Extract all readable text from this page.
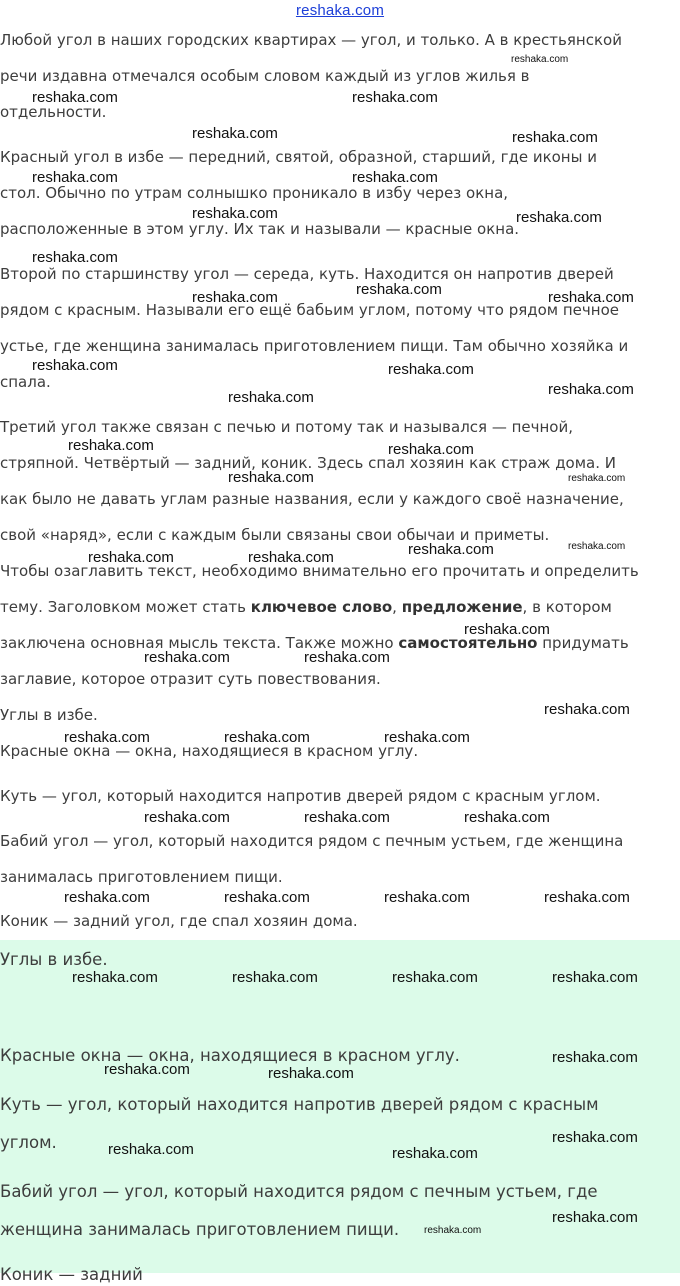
reshaka.com

Любой угол в наших городских квартирах — угол, и только. А в крестьянской

речи издавна отмечался особым словом каждый из углов жилья в

отдельности.

Красный угол в избе — передний, святой, образной, старший, где иконы и

стол. Обычно по утрам солнышко проникало в избу через окна,

расположенные в этом углу. Их так и называли — красные окна.

Второй по старшинству угол — середа, куть. Находится он напротив дверей

рядом с красным. Называли его ещё бабьим углом, потому что рядом печное

устье, где женщина занималась приготовлением пищи. Там обычно хозяйка и

спала.

Третий угол также связан с печью и потому так и назывался — печной,

стряпной. Четвёртый — задний, коник. Здесь спал хозяин как страж дома. И

как было не давать углам разные названия, если у каждого своё назначение,

свой «наряд», если с каждым были связаны свои обычаи и приметы.

Чтобы озаглавить текст, необходимо внимательно его прочитать и определить

тему. Заголовком может стать ключевое слово, предложение, в котором

заключена основная мысль текста. Также можно самостоятельно придумать

заглавие, которое отразит суть повествования.

Углы в избе.

Красные окна — окна, находящиеся в красном углу.

Куть — угол, который находится напротив дверей рядом с красным углом.

Бабий угол — угол, который находится рядом с печным устьем, где женщина

занималась приготовлением пищи.

Коник — задний угол, где спал хозяин дома.

Углы в избе.

Красные окна — окна, находящиеся в красном углу.

Куть — угол, который находится напротив дверей рядом с красным

углом.

Бабий угол — угол, который находится рядом с печным устьем, где

женщина занималась приготовлением пищи.

Коник — задний

reshaka.com
reshaka.com	reshaka.com
reshaka.com	reshaka.com
reshaka.com	reshaka.com
reshaka.com	reshaka.com
reshaka.com
reshaka.com
reshaka.com	reshaka.com
reshaka.com	reshaka.com
reshaka.com
reshaka.com
reshaka.com	reshaka.com
reshaka.com	reshaka.com
reshaka.com
reshaka.com
reshaka.com	reshaka.com
reshaka.com
reshaka.com	reshaka.com
reshaka.com
reshaka.com	reshaka.com	reshaka.com
reshaka.com	reshaka.com	reshaka.com
reshaka.com	reshaka.com	reshaka.com	reshaka.com
reshaka.com	reshaka.com	reshaka.com	reshaka.com
reshaka.com
reshaka.com	reshaka.com
reshaka.com
reshaka.com	reshaka.com
reshaka.com
reshaka.com
